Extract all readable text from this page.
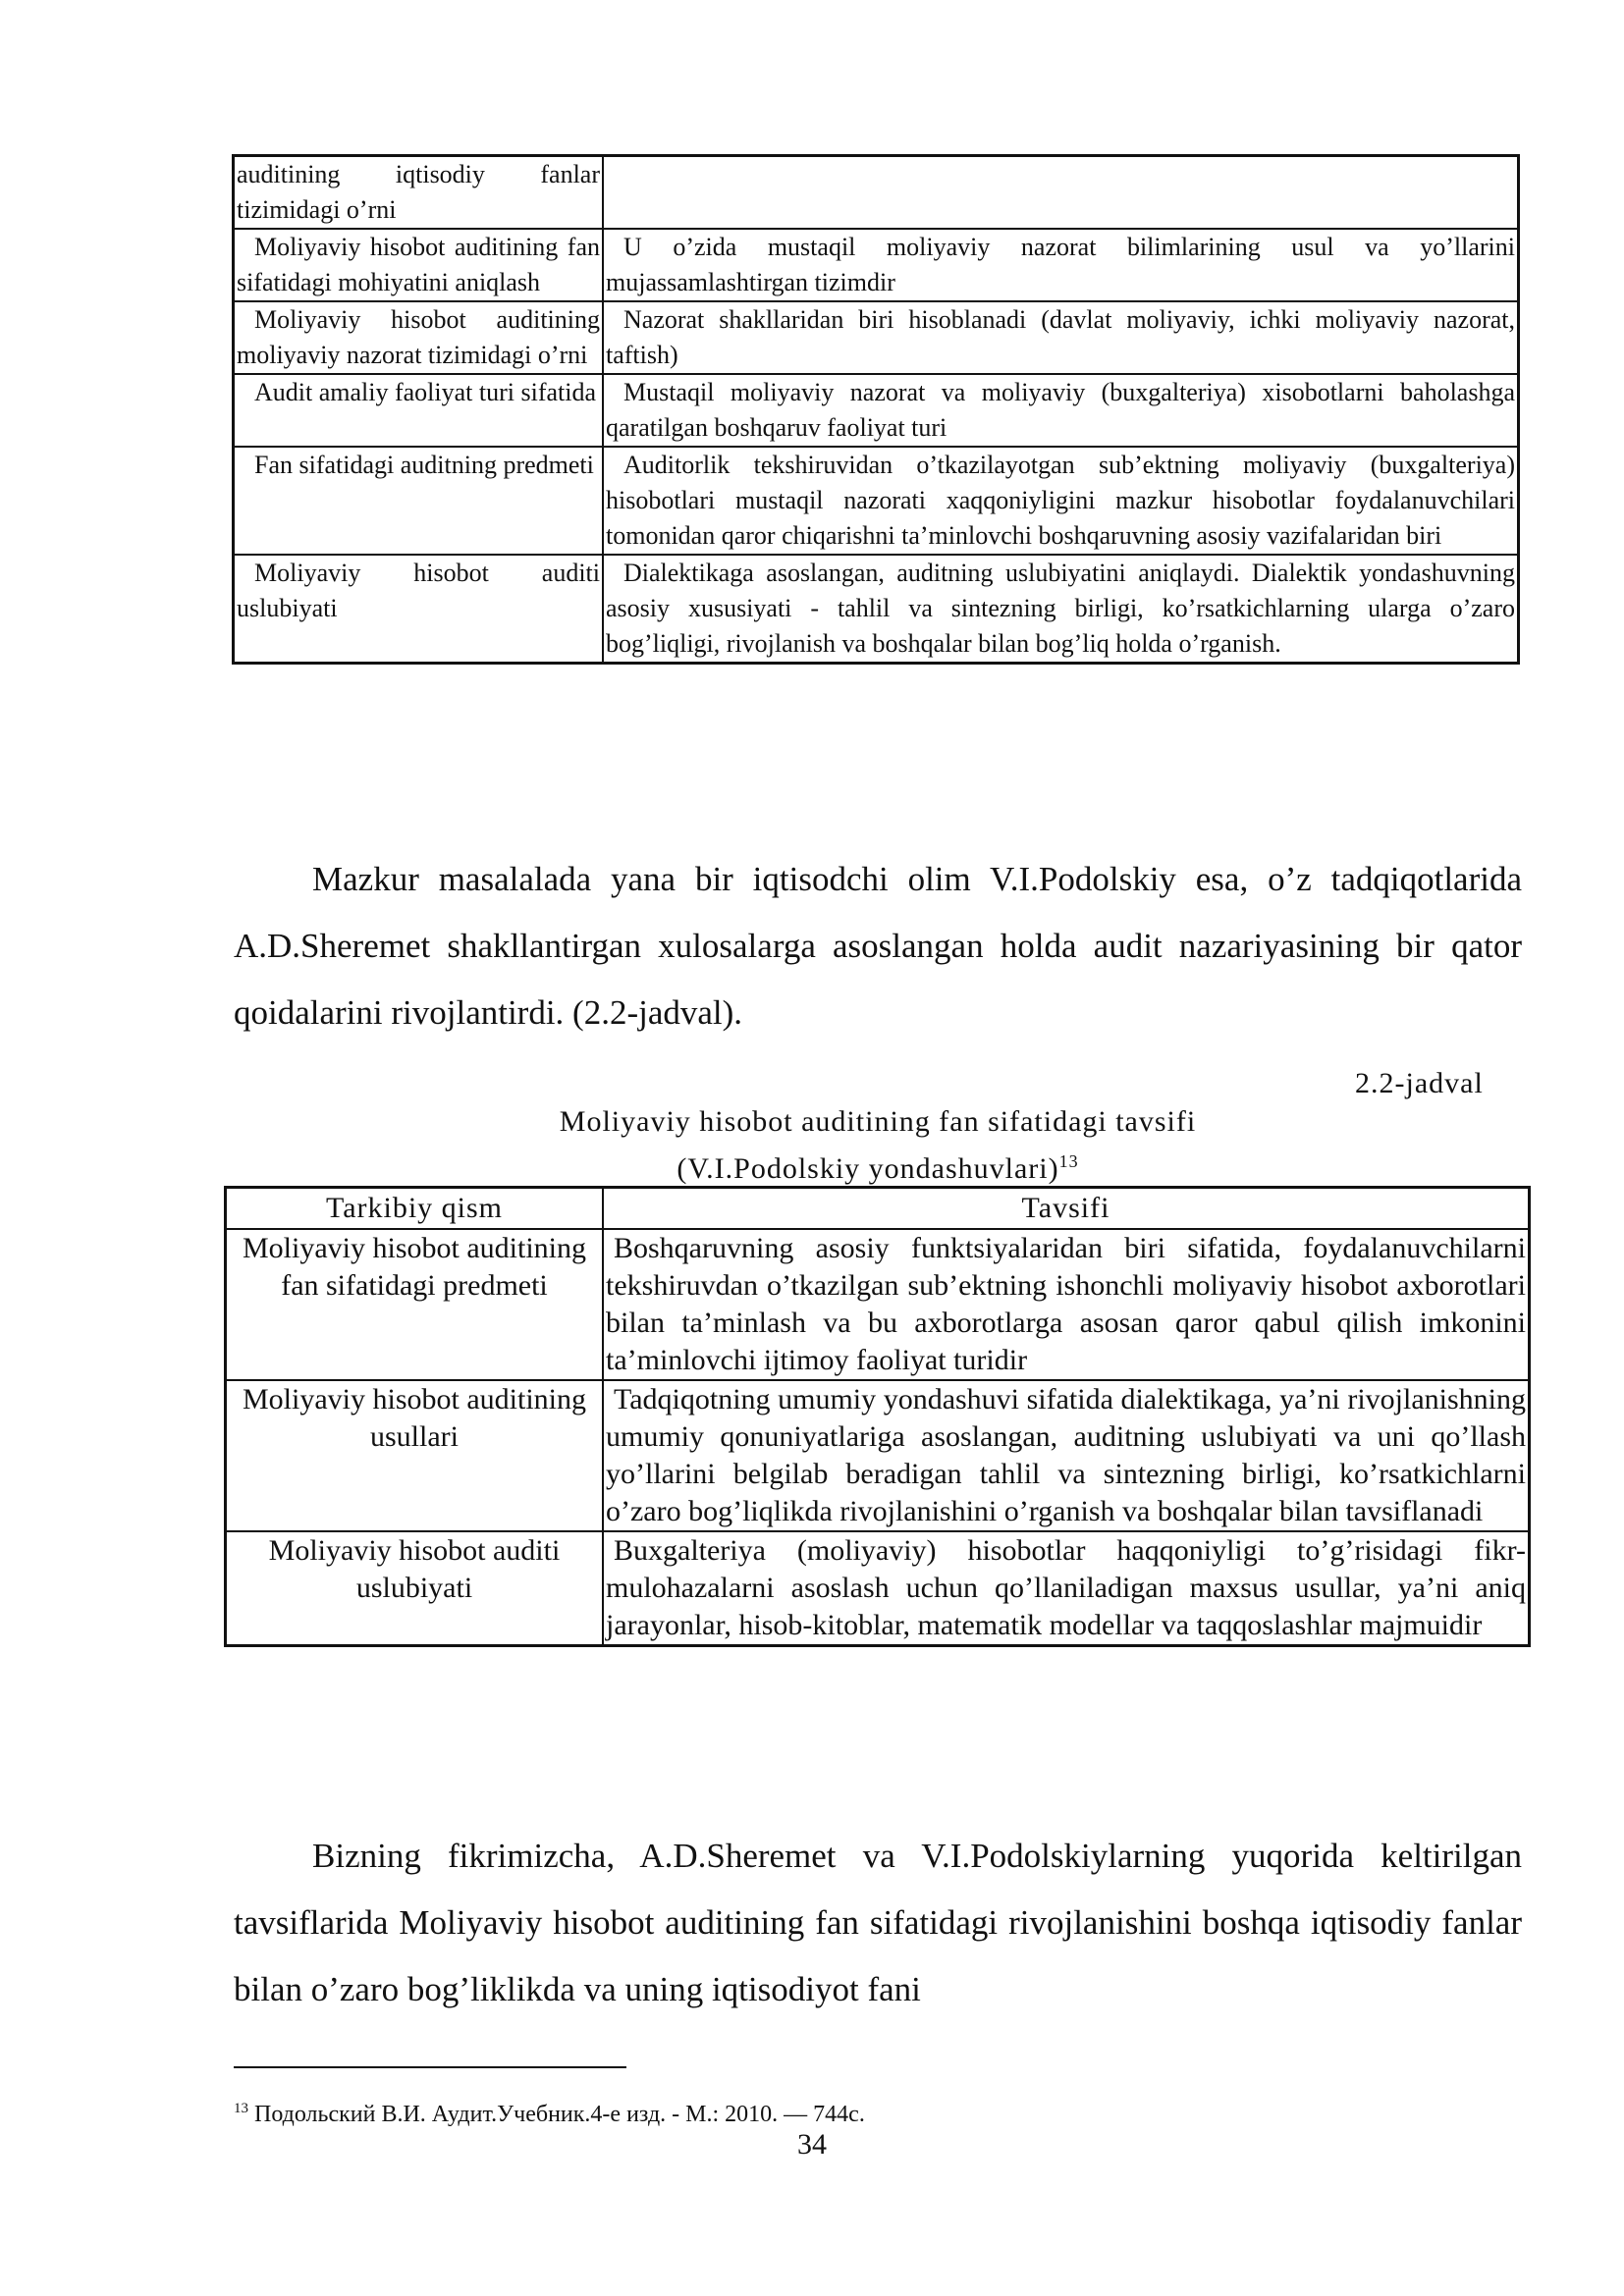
auditining iqtisodiy fanlar tizimidagi o’rni	
Moliyaviy hisobot auditining fan sifatidagi mohiyatini aniqlash	U o’zida mustaqil moliyaviy nazorat bilimlarining usul va yo’llarini mujassamlashtirgan tizimdir
Moliyaviy hisobot auditining moliyaviy nazorat tizimidagi o’rni	Nazorat shakllaridan biri hisoblanadi (davlat moliyaviy, ichki moliyaviy nazorat, taftish)
Audit amaliy faoliyat turi sifatida	Mustaqil moliyaviy nazorat va moliyaviy (buxgalteriya) xisobotlarni baholashga qaratilgan boshqaruv faoliyat turi
Fan sifatidagi auditning predmeti	Auditorlik tekshiruvidan o’tkazilayotgan sub’ektning moliyaviy (buxgalteriya) hisobotlari mustaqil nazorati xaqqoniyligini mazkur hisobotlar foydalanuvchilari tomonidan qaror chiqarishni ta’minlovchi boshqaruvning asosiy vazifalaridan biri
Moliyaviy hisobot auditi uslubiyati	Dialektikaga asoslangan, auditning uslubiyatini aniqlaydi. Dialektik yondashuvning asosiy xususiyati - tahlil va sintezning birligi, ko’rsatkichlarning ularga o’zaro bog’liqligi, rivojlanish va boshqalar bilan bog’liq holda o’rganish.
Mazkur masalalada yana bir iqtisodchi olim V.I.Podolskiy esa, o’z tadqiqotlarida A.D.Sheremet shakllantirgan xulosalarga asoslangan holda audit nazariyasining bir qator qoidalarini rivojlantirdi. (2.2-jadval).
2.2-jadval
Moliyaviy hisobot auditining fan sifatidagi tavsifi
(V.I.Podolskiy yondashuvlari)$^{13}$
Tarkibiy qism	Tavsifi
Moliyaviy hisobot auditining fan sifatidagi predmeti	Boshqaruvning asosiy funktsiyalaridan biri sifatida, foydalanuvchilarni tekshiruvdan o’tkazilgan sub’ektning ishonchli moliyaviy hisobot axborotlari bilan ta’minlash va bu axborotlarga asosan qaror qabul qilish imkonini ta’minlovchi ijtimoy faoliyat turidir
Moliyaviy hisobot auditining usullari	Tadqiqotning umumiy yondashuvi sifatida dialektikaga, ya’ni rivojlanishning umumiy qonuniyatlariga asoslangan, auditning uslubiyati va uni qo’llash yo’llarini belgilab beradigan tahlil va sintezning birligi, ko’rsatkichlarni o’zaro bog’liqlikda rivojlanishini o’rganish va boshqalar bilan tavsiflanadi
Moliyaviy hisobot auditi uslubiyati	Buxgalteriya (moliyaviy) hisobotlar haqqoniyligi to’g’risidagi fikr-mulohazalarni asoslash uchun qo’llaniladigan maxsus usullar, ya’ni aniq jarayonlar, hisob-kitoblar, matematik modellar va taqqoslashlar majmuidir
Bizning fikrimizcha, A.D.Sheremet va V.I.Podolskiylarning yuqorida keltirilgan tavsiflarida Moliyaviy hisobot auditining fan sifatidagi rivojlanishini boshqa iqtisodiy fanlar bilan o’zaro bog’liklikda va uning iqtisodiyot fani
$^{13}$ Подольский В.И. Аудит.Учебник.4-е изд. - М.: 2010. — 744с.
34
